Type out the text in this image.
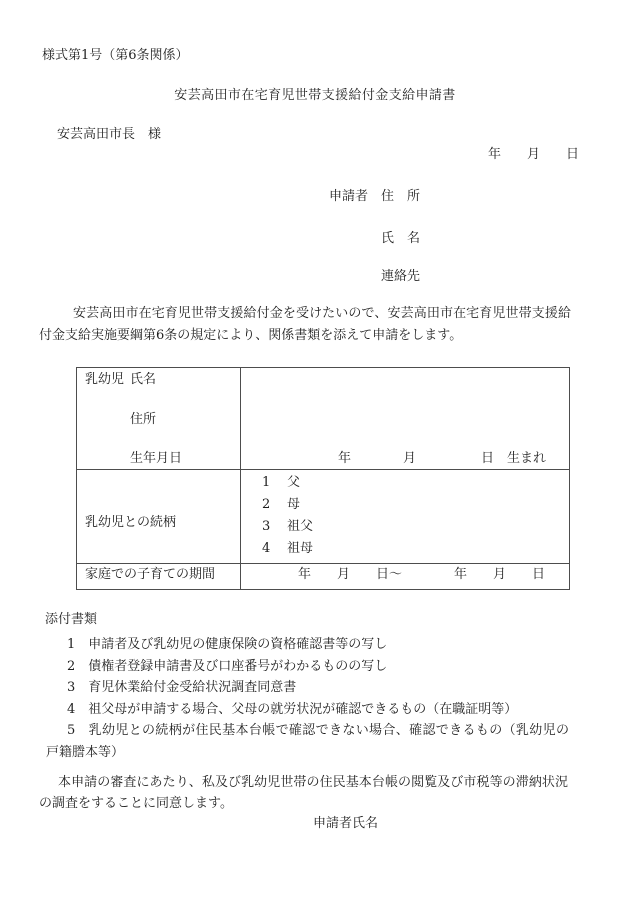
様式第1号（第6条関係）
安芸高田市在宅育児世帯支援給付金支給申請書
安芸高田市長　様
年　　月　　日
申請者　住　所
氏　名
連絡先
安芸高田市在宅育児世帯支援給付金を受けたいので、安芸高田市在宅育児世帯支援給付金支給実施要綱第6条の規定により、関係書類を添えて申請をします。
乳幼児 氏名
住所
生年月日	年　　　　月　　　　　日　生まれ
乳幼児との続柄
1 父
2 母
3 祖父
4 祖母
家庭での子育ての期間	年　　月　　日～　　　　年　　月　　日
添付書類
1 申請者及び乳幼児の健康保険の資格確認書等の写し
2 債権者登録申請書及び口座番号がわかるものの写し
3 育児休業給付金受給状況調査同意書
4 祖父母が申請する場合、父母の就労状況が確認できるもの（在職証明等）
5 乳幼児との続柄が住民基本台帳で確認できない場合、確認できるもの（乳幼児の戸籍謄本等）
本申請の審査にあたり、私及び乳幼児世帯の住民基本台帳の閲覧及び市税等の滞納状況の調査をすることに同意します。
申請者氏名
